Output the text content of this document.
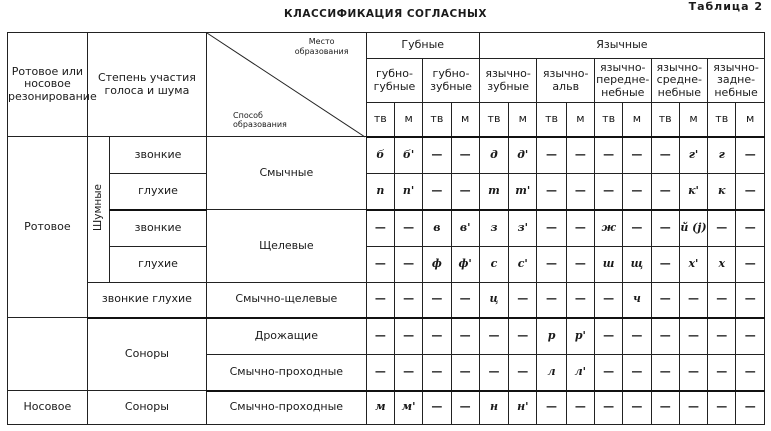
КЛАССИФИКАЦИЯ СОГЛАСНЫХ
Таблица 2
Ротовое или носовое резонирование	Степень участия голоса и шума		Место образования
Способ образования	Губные				Язычные									
				губно-губные		губно-зубные		язычно-зубные		язычно-альв		язычно-передне-небные		язычно-средне-небные		язычно-задне-небные	
				тв	м	тв	м	тв	м	тв	м	тв	м	тв	м	тв	м
Ротовое	Шумные	звонкие	Смычные	б	б'	—	—	д	д'	—	—	—	—	—	г'	г	—
		глухие		п	п'	—	—	т	т'	—	—	—	—	—	к'	к	—
		звонкие	Щелевые	—	—	в	в'	з	з'	—	—	ж	—	—	й (j)	—	—
		глухие		—	—	ф	ф'	с	с'	—	—	ш	щ	—	х'	х	—
	звонкие глухие		Смычно-щелевые	—	—	—	—	ц	—	—	—	—	ч	—	—	—	—
	Соноры		Дрожащие	—	—	—	—	—	—	р	р'	—	—	—	—	—	—
			Смычно-проходные	—	—	—	—	—	—	л	л'	—	—	—	—	—	—
Носовое	Соноры		Смычно-проходные	м	м'	—	—	н	н'	—	—	—	—	—	—	—	—
